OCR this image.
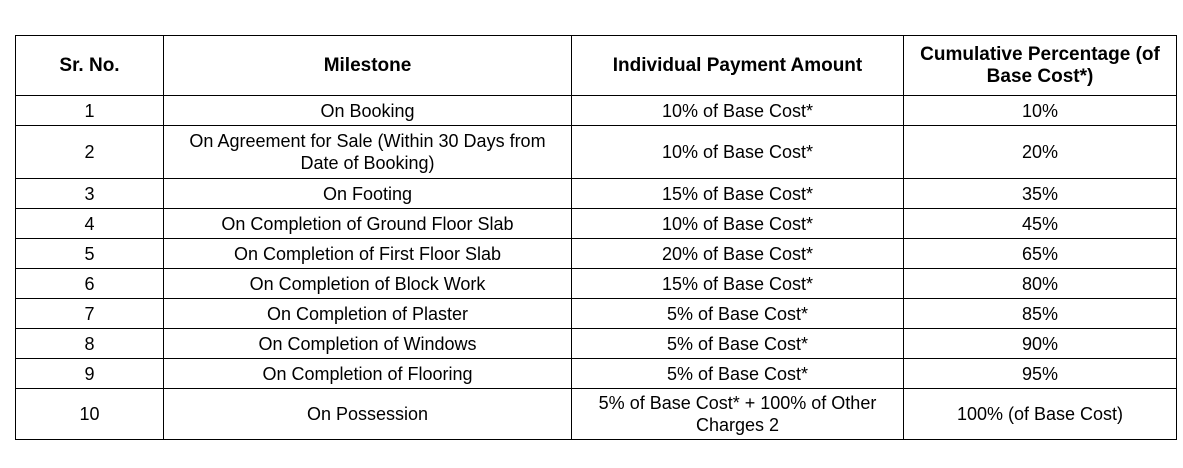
Sr. No.	Milestone	Individual Payment Amount	Cumulative Percentage (of Base Cost*)
1	On Booking	10% of Base Cost*	10%
2	On Agreement for Sale (Within 30 Days from Date of Booking)	10% of Base Cost*	20%
3	On Footing	15% of Base Cost*	35%
4	On Completion of Ground Floor Slab	10% of Base Cost*	45%
5	On Completion of First Floor Slab	20% of Base Cost*	65%
6	On Completion of Block Work	15% of Base Cost*	80%
7	On Completion of Plaster	5% of Base Cost*	85%
8	On Completion of Windows	5% of Base Cost*	90%
9	On Completion of Flooring	5% of Base Cost*	95%
10	On Possession	5% of Base Cost* + 100% of Other Charges 2	100% (of Base Cost)
